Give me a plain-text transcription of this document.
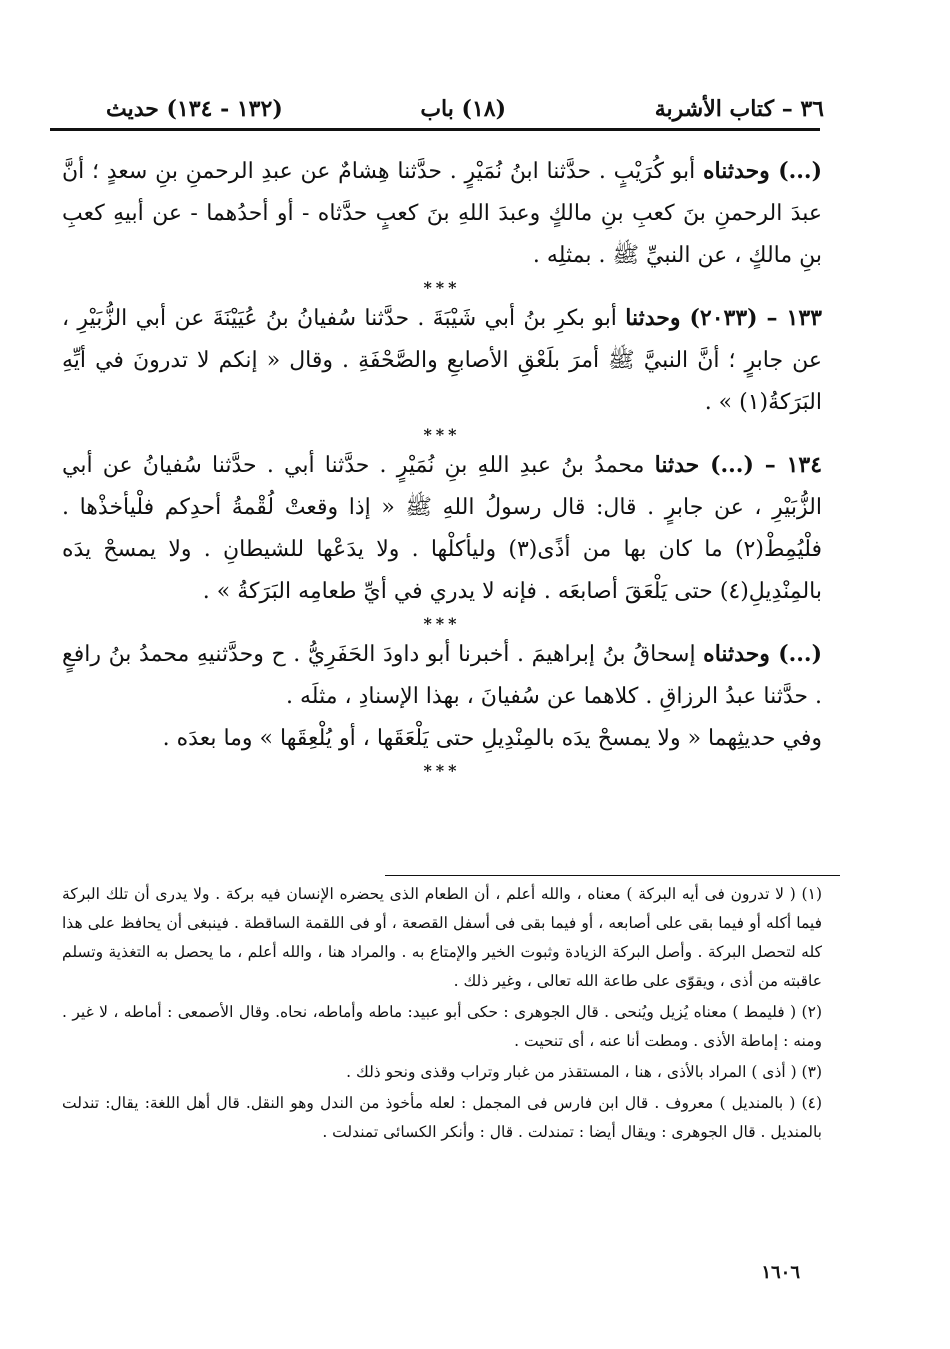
٣٦ – كتاب الأشربة
(١٨) باب
(١٣٢ - ١٣٤) حديث

(...) وحدثناه أبو كُرَيْبٍ . حدَّثنا ابنُ نُمَيْرٍ . حدَّثنا هِشامٌ عن عبدِ الرحمنِ بنِ سعدٍ ؛ أنَّ عبدَ الرحمنِ بنَ كعبِ بنِ مالكٍ وعبدَ اللهِ بنَ كعبٍ حدَّثاه - أو أحدُهما - عن أبيهِ كعبِ بنِ مالكٍ ، عن النبيِّ ﷺ . بمثلِه .

***

١٣٣ – (٢٠٣٣) وحدثنا أبو بكرِ بنُ أبي شَيْبَةَ . حدَّثنا سُفيانُ بنُ عُيَيْنَةَ عن أبي الزُّبَيْرِ ، عن جابرٍ ؛ أنَّ النبيَّ ﷺ أمرَ بلَعْقِ الأصابعِ والصَّحْفَةِ . وقال « إنكم لا تدرونَ في أيِّهِ البَرَكةُ(١) » .

***

١٣٤ – (...) حدثنا محمدُ بنُ عبدِ اللهِ بنِ نُمَيْرٍ . حدَّثنا أبي . حدَّثنا سُفيانُ عن أبي الزُّبَيْرِ ، عن جابرٍ . قال: قال رسولُ اللهِ ﷺ « إذا وقعتْ لُقْمةُ أحدِكم فلْيأخذْها . فلْيُمِطْ(٢) ما كان بها من أذًى(٣) وليأكلْها . ولا يدَعْها للشيطانِ . ولا يمسحْ يدَه بالمِنْدِيلِ(٤) حتى يَلْعَقَ أصابعَه . فإنه لا يدري في أيِّ طعامِه البَرَكةُ » .

***

(...) وحدثناه إسحاقُ بنُ إبراهيمَ . أخبرنا أبو داودَ الحَفَرِيُّ . ح وحدَّثنيهِ محمدُ بنُ رافعٍ . حدَّثنا عبدُ الرزاقِ . كلاهما عن سُفيانَ ، بهذا الإسنادِ ، مثلَه .

وفي حديثِهما « ولا يمسحْ يدَه بالمِنْدِيلِ حتى يَلْعَقَها ، أو يُلْعِقَها » وما بعدَه .

***

(١) ( لا تدرون فى أيه البركة ) معناه ، والله أعلم ، أن الطعام الذى يحضره الإنسان فيه بركة . ولا يدرى أن تلك البركة فيما أكله أو فيما بقى على أصابعه ، أو فيما بقى فى أسفل القصعة ، أو فى اللقمة الساقطة . فينبغى أن يحافظ على هذا كله لتحصل البركة . وأصل البركة الزيادة وثبوت الخير والإمتاع به . والمراد هنا ، والله أعلم ، ما يحصل به التغذية وتسلم عاقبته من أذى ، ويقوّى على طاعة الله تعالى ، وغير ذلك .

(٢) ( فليمط ) معناه يُزيل ويُنحى . قال الجوهرى : حكى أبو عبيد: ماطه وأماطه، نحاه. وقال الأصمعى : أماطه ، لا غير . ومنه : إماطة الأذى . ومطت أنا عنه ، أى تنحيت .

(٣) ( أذى ) المراد بالأذى ، هنا ، المستقذر من غبار وتراب وقذى ونحو ذلك .

(٤) ( بالمنديل ) معروف . قال ابن فارس فى المجمل : لعله مأخوذ من الندل وهو النقل. قال أهل اللغة: يقال: تندلت بالمنديل . قال الجوهرى : ويقال أيضا : تمندلت . قال : وأنكر الكسائى تمندلت .

١٦٠٦
